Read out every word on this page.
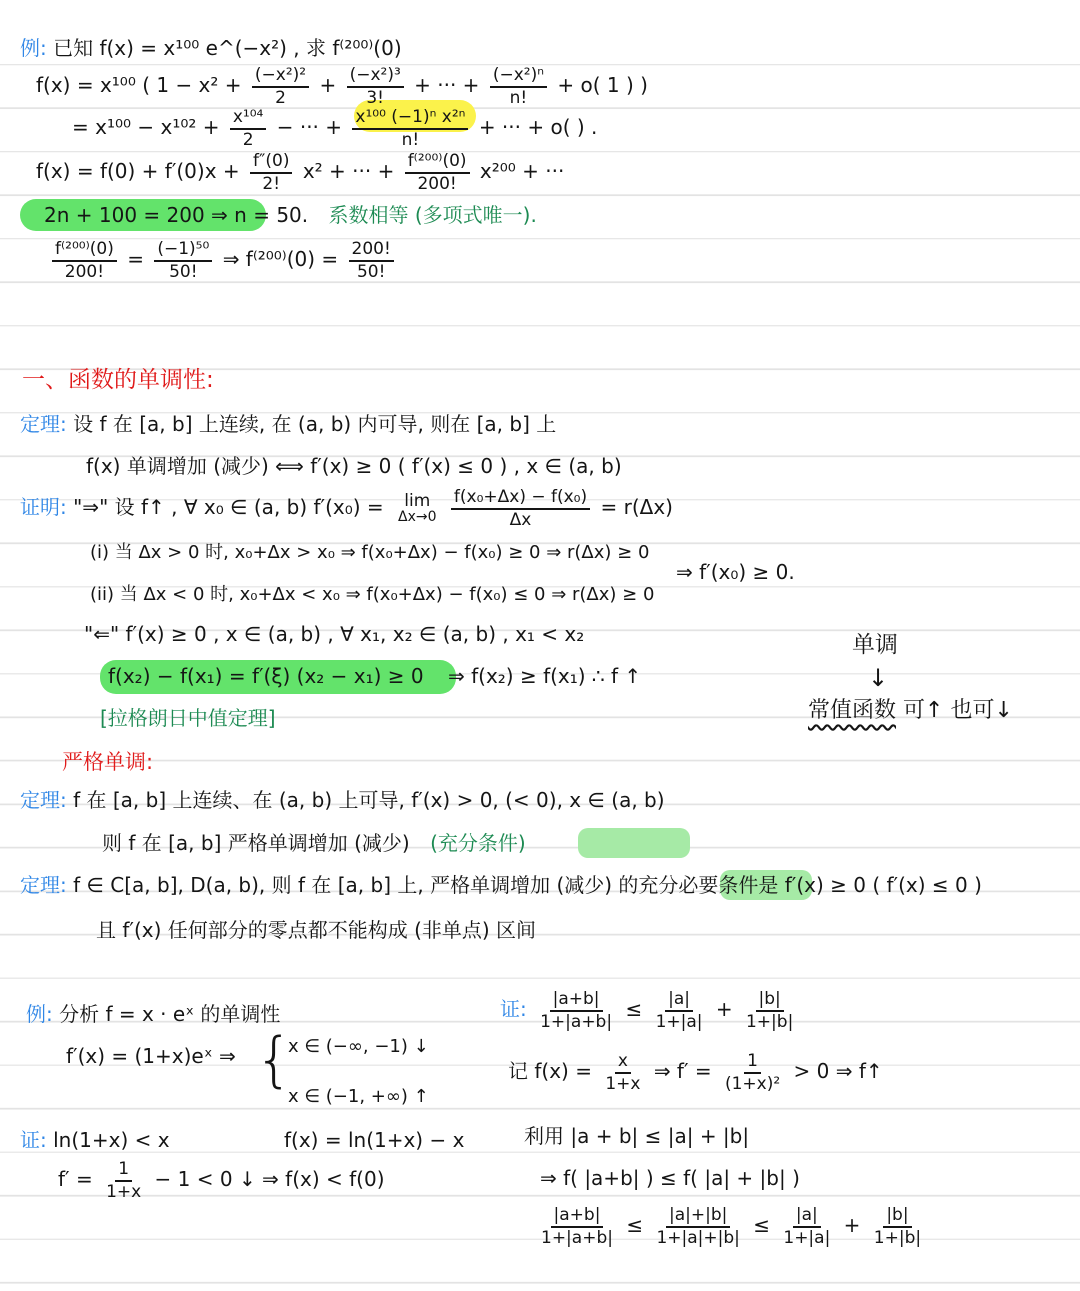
例: 已知 f(x) = x¹⁰⁰ e^(−x²) , 求 f⁽²⁰⁰⁾(0)
f(x) = x¹⁰⁰ ( $1 - x^2 + \frac{\text{(−x²)²}}{2} + \frac{\text{(−x²)³}}{3!}$ + ··· + $\frac{\text{(−x²)ⁿ}}{n!} + o$( 1 ) )
= $x^{100} - x^{102} + \frac{\text{x¹⁰⁴}}{2}$ − ··· + $\frac{\text{x¹⁰⁰ (−1)ⁿ x²ⁿ}}{n!}$ + ··· + o( ) .
$f(x) = f(0) + f'(0)x + \frac{f''(0)}{2!} x^2$ + ··· + $\frac{\text{f⁽²⁰⁰⁾(0)}}{200!} x^{200}$ + ···
2n + 100 = 200 ⇒ n = 50. 系数相等 (多项式唯一).
$\frac{\text{f⁽²⁰⁰⁾(0)}}{200!} = \frac{\text{(−1)⁵⁰}}{50!}$ ⇒ $f^{(200)}(0) = \frac{200!}{50!}$
一、函数的单调性:
定理: 设 f 在 [a, b] 上连续, 在 (a, b) 内可导, 则在 [a, b] 上
f(x) 单调增加 (减少) ⟺ f′(x) ≥ 0 ( f′(x) ≤ 0 ) , x ∈ (a, b)
证明: "⇒" 设 f↑ , ∀ x₀ ∈ (a, b) f′(x₀) = lim
Δx→0
$\frac{\text{f(x₀+Δx) − f(x₀)}}{\Delta x} = r(\Delta x)$
(i) 当 Δx > 0 时, x₀+Δx > x₀ ⇒ f(x₀+Δx) − f(x₀) ≥ 0 ⇒ r(Δx) ≥ 0
(ii) 当 Δx < 0 时, x₀+Δx < x₀ ⇒ f(x₀+Δx) − f(x₀) ≤ 0 ⇒ r(Δx) ≥ 0
⇒ f′(x₀) ≥ 0.
"⇐" f′(x) ≥ 0 , x ∈ (a, b) , ∀ x₁, x₂ ∈ (a, b) , x₁ < x₂
f(x₂) − f(x₁) = f′(ξ) (x₂ − x₁) ≥ 0 ⇒ f(x₂) ≥ f(x₁) ∴ f ↑
[拉格朗日中值定理]
单调
↓
常值函数 可↑ 也可↓
严格单调:
定理: f 在 [a, b] 上连续、在 (a, b) 上可导, f′(x) > 0, (< 0), x ∈ (a, b)
则 f 在 [a, b] 严格单调增加 (减少) (充分条件)
定理: f ∈ C[a, b], D(a, b), 则 f 在 [a, b] 上, 严格单调增加 (减少) 的充分必要条件是 f′(x) ≥ 0 ( f′(x) ≤ 0 )
且 f′(x) 任何部分的零点都不能构成 (非单点) 区间
例: 分析 f = x · eˣ 的单调性
f′(x) = (1+x)eˣ ⇒ {
x ∈ (−∞, −1) ↓
x ∈ (−1, +∞) ↑
证: ln(1+x) < x	f(x) = ln(1+x) − x
$f' = \frac{1}{1+x} - 1 < 0$ ↓ ⇒ f(x) < f(0)
证: $\frac{|a+b|}{1+|a+b|} \le \frac{|a|}{1+|a|} + \frac{|b|}{1+|b|}$
记 $f(x) = \frac{x}{1+x}$ ⇒ $f' = \frac{1}{\text{(1+x)²}} > 0$ ⇒ f↑
利用 |a + b| ≤ |a| + |b|
⇒ f( |a+b| ) ≤ f( |a| + |b| )
$\frac{|a+b|}{1+|a+b|} \le \frac{|a|+|b|}{1+|a|+|b|} \le \frac{|a|}{1+|a|} + \frac{|b|}{1+|b|}$
